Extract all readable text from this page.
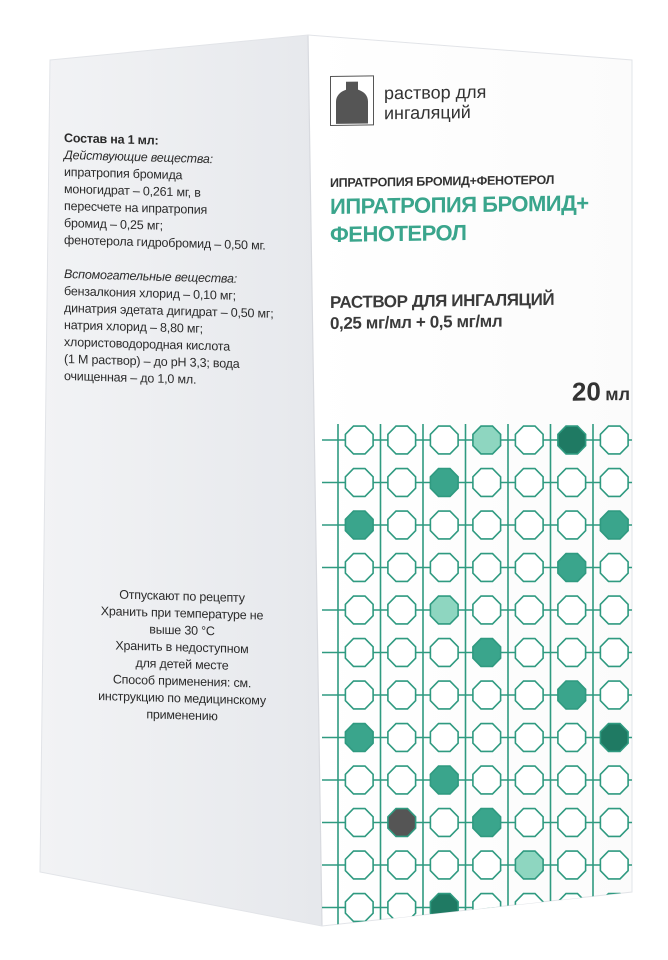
Состав на 1 мл:
Действующие вещества:
ипратропия бромида
моногидрат – 0,261 мг, в
пересчете на ипратропия
бромид – 0,25 мг;
фенотерола гидробромид – 0,50 мг.
Вспомогательные вещества:
бензалкония хлорид – 0,10 мг;
динатрия эдетата дигидрат – 0,50 мг;
натрия хлорид – 8,80 мг;
хлористоводородная кислота
(1 М раствор) – до pH 3,3; вода
очищенная – до 1,0 мл.
Отпускают по рецепту
Хранить при температуре не
выше 30 °С
Хранить в недоступном
для детей месте
Способ применения: см.
инструкцию по медицинскому
применению
раствор для
ингаляций
ИПРАТРОПИЯ БРОМИД+ФЕНОТЕРОЛ
ИПРАТРОПИЯ БРОМИД+
ФЕНОТЕРОЛ
РАСТВОР ДЛЯ ИНГАЛЯЦИЙ
0,25 мг/мл + 0,5 мг/мл
20 мл
